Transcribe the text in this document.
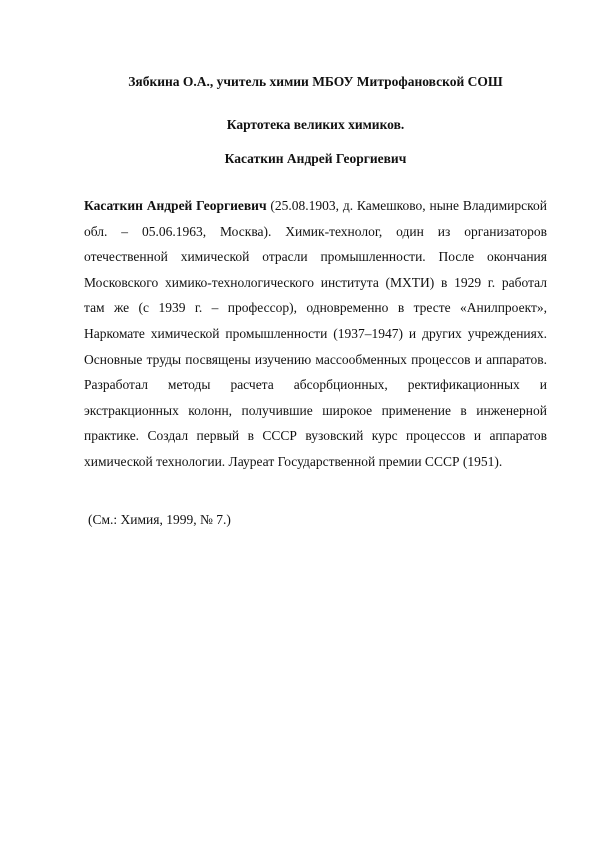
Зябкина О.А., учитель химии МБОУ Митрофановской СОШ
Картотека великих химиков.
Касаткин Андрей Георгиевич
Касаткин Андрей Георгиевич (25.08.1903, д. Камешково, ныне Владимирской обл. – 05.06.1963, Москва). Химик-технолог, один из организаторов отечественной химической отрасли промышленности. После окончания Московского химико-технологического института (МХТИ) в 1929 г. работал там же (с 1939 г. – профессор), одновременно в тресте «Анилпроект», Наркомате химической промышленности (1937–1947) и других учреждениях. Основные труды посвящены изучению массообменных процессов и аппаратов. Разработал методы расчета абсорбционных, ректификационных и экстракционных колонн, получившие широкое применение в инженерной практике. Создал первый в СССР вузовский курс процессов и аппаратов химической технологии. Лауреат Государственной премии СССР (1951).
(См.: Химия, 1999, № 7.)
